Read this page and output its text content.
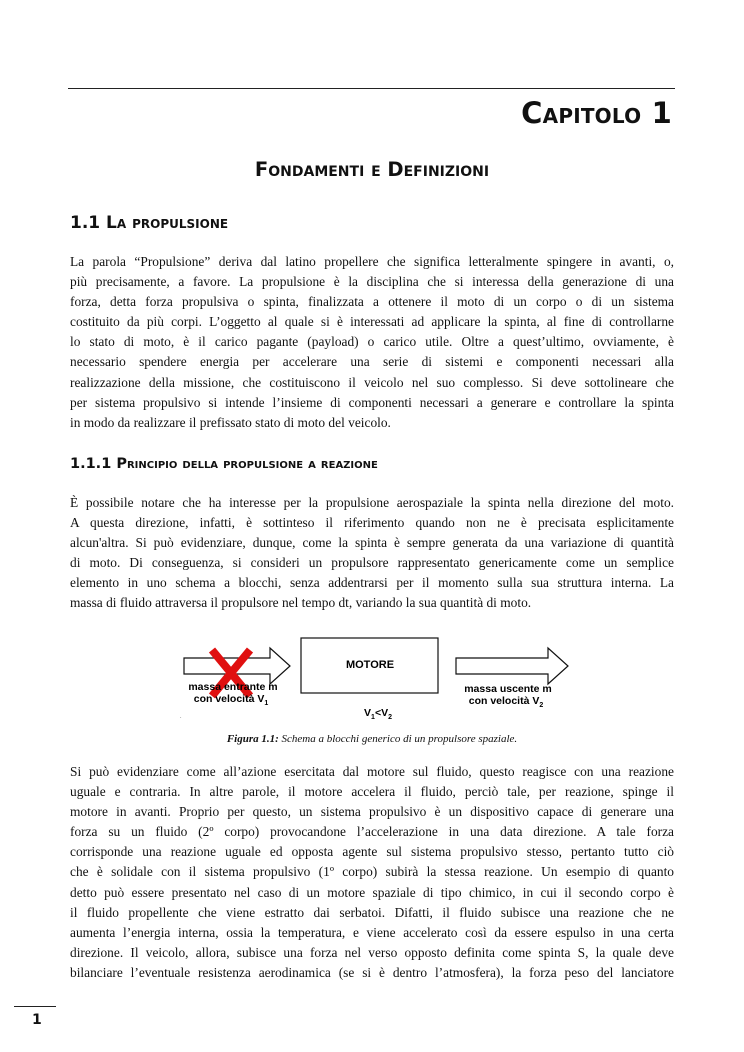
Capitolo 1
Fondamenti e Definizioni
1.1 La propulsione
La parola “Propulsione” deriva dal latino propellere che significa letteralmente spingere in avanti, o,
più precisamente, a favore. La propulsione è la disciplina che si interessa della generazione di una
forza, detta forza propulsiva o spinta, finalizzata a ottenere il moto di un corpo o di un sistema
costituito da più corpi. L’oggetto al quale si è interessati ad applicare la spinta, al fine di controllarne
lo stato di moto, è il carico pagante (payload) o carico utile. Oltre a quest’ultimo, ovviamente, è
necessario spendere energia per accelerare una serie di sistemi e componenti necessari alla
realizzazione della missione, che costituiscono il veicolo nel suo complesso. Si deve sottolineare che
per sistema propulsivo si intende l’insieme di componenti necessari a generare e controllare la spinta
in modo da realizzare il prefissato stato di moto del veicolo.
1.1.1 Principio della propulsione a reazione
È possibile notare che ha interesse per la propulsione aerospaziale la spinta nella direzione del moto.
A questa direzione, infatti, è sottinteso il riferimento quando non ne è precisata esplicitamente
alcun'altra. Si può evidenziare, dunque, come la spinta è sempre generata da una variazione di quantità
di moto. Di conseguenza, si consideri un propulsore rappresentato genericamente come un semplice
elemento in uno schema a blocchi, senza addentrarsi per il momento sulla sua struttura interna. La
massa di fluido attraversa il propulsore nel tempo dt, variando la sua quantità di moto.
MOTORE
massa entrante m
con velocità $V_1$
massa uscente m
con velocità $V_2$
$V_1<V_2$
.
Figura 1.1: Schema a blocchi generico di un propulsore spaziale.
Si può evidenziare come all’azione esercitata dal motore sul fluido, questo reagisce con una reazione
uguale e contraria. In altre parole, il motore accelera il fluido, perciò tale, per reazione, spinge il
motore in avanti. Proprio per questo, un sistema propulsivo è un dispositivo capace di generare una
forza su un fluido (2º corpo) provocandone l’accelerazione in una data direzione. A tale forza
corrisponde una reazione uguale ed opposta agente sul sistema propulsivo stesso, pertanto tutto ciò
che è solidale con il sistema propulsivo (1º corpo) subirà la stessa reazione. Un esempio di quanto
detto può essere presentato nel caso di un motore spaziale di tipo chimico, in cui il secondo corpo è
il fluido propellente che viene estratto dai serbatoi. Difatti, il fluido subisce una reazione che ne
aumenta l’energia interna, ossia la temperatura, e viene accelerato così da essere espulso in una certa
direzione. Il veicolo, allora, subisce una forza nel verso opposto definita come spinta S, la quale deve
bilanciare l’eventuale resistenza aerodinamica (se si è dentro l’atmosfera), la forza peso del lanciatore
1
